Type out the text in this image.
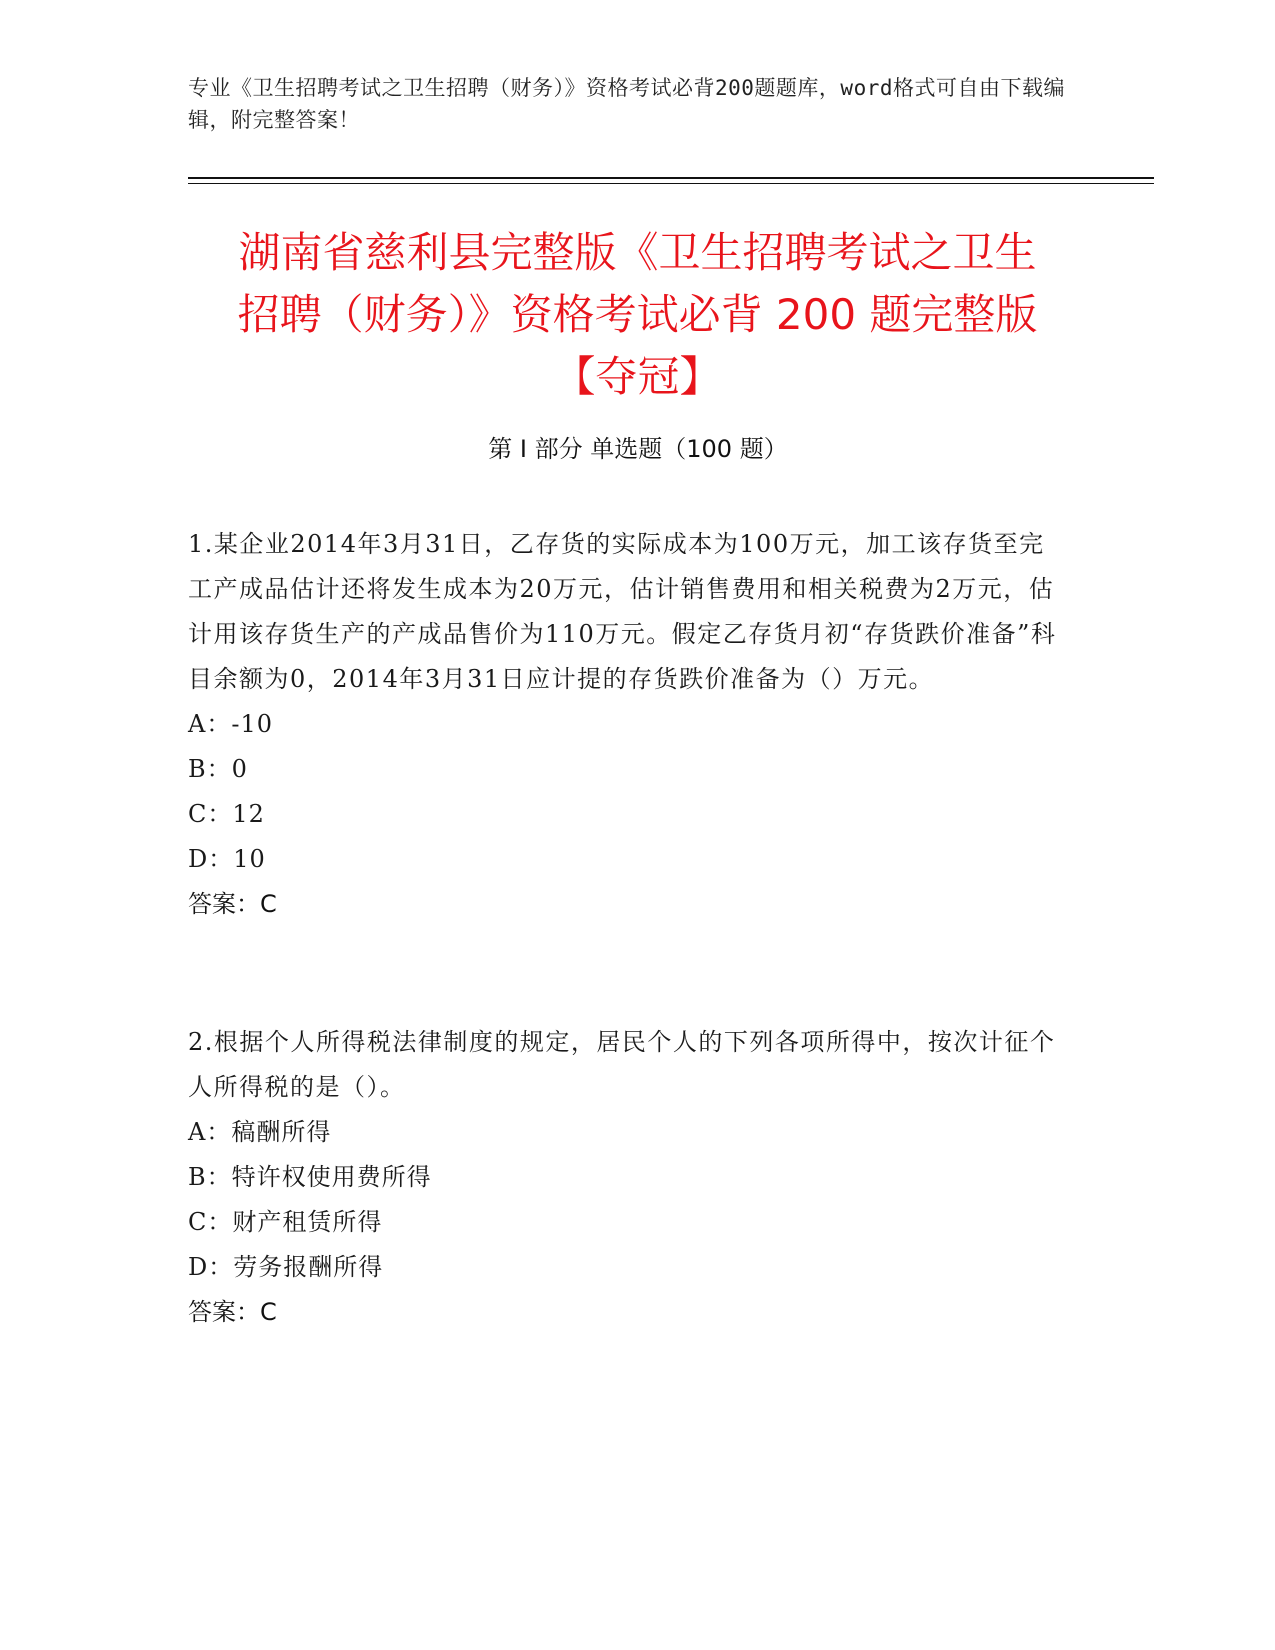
专业《卫生招聘考试之卫生招聘（财务）》资格考试必背200题题库，word格式可自由下载编辑，附完整答案！
湖南省慈利县完整版《卫生招聘考试之卫生
招聘（财务）》资格考试必背 200 题完整版
【夺冠】
第 I 部分 单选题（100 题）

1.某企业2014年3月31日，乙存货的实际成本为100万元，加工该存货至完工产成品估计还将发生成本为20万元，估计销售费用和相关税费为2万元，估计用该存货生产的产成品售价为110万元。假定乙存货月初“存货跌价准备”科目余额为0，2014年3月31日应计提的存货跌价准备为（）万元。

A：-10

B：0

C：12

D：10

答案：C

2.根据个人所得税法律制度的规定，居民个人的下列各项所得中，按次计征个人所得税的是（）。

A：稿酬所得

B：特许权使用费所得

C：财产租赁所得

D：劳务报酬所得

答案：C
